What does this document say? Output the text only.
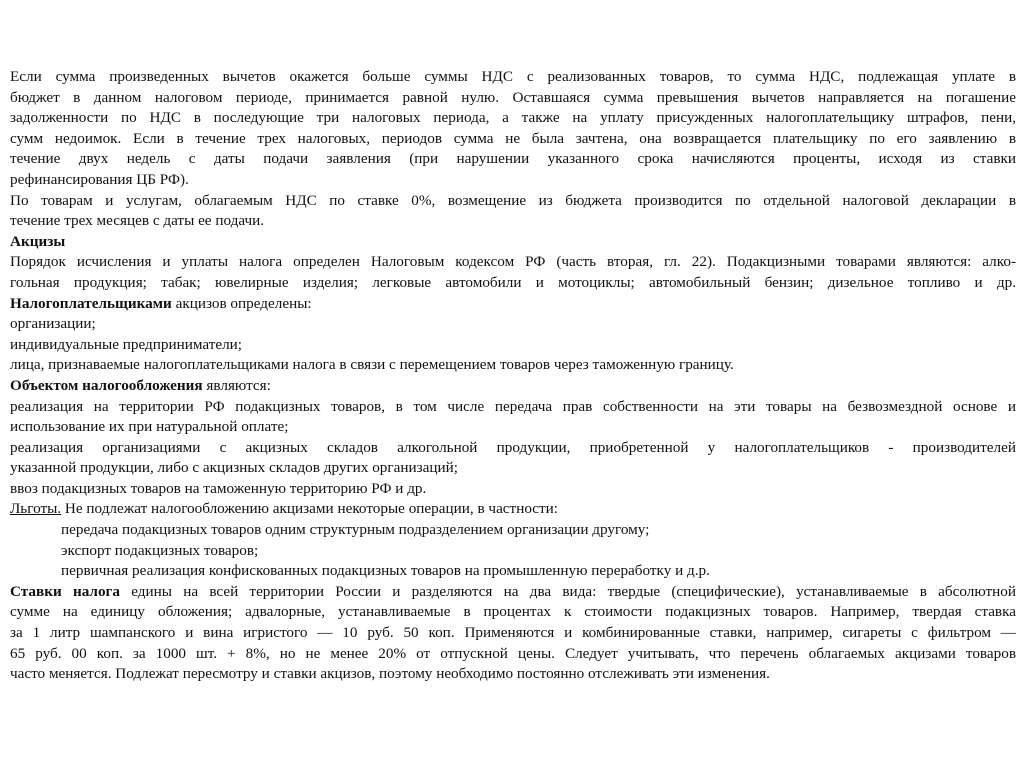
Если сумма произведенных вычетов окажется больше суммы НДС с реализованных товаров, то сумма НДС, подлежащая уплате в
бюджет в данном налоговом периоде, принимается равной нулю. Оставшаяся сумма превышения вычетов направляется на погашение
задолженности по НДС в последующие три налоговых периода, а также на уплату присужденных налогоплательщику штрафов, пени,
сумм недоимок. Если в течение трех налоговых, периодов сумма не была зачтена, она возвращается плательщику по его заявлению в
течение двух недель с даты подачи заявления (при нарушении указанного срока начисляются проценты, исходя из ставки
рефинансирования ЦБ РФ).
По товарам и услугам, облагаемым НДС по ставке 0%, возмещение из бюджета производится по отдельной налоговой декларации в
течение трех месяцев с даты ее подачи.
Акцизы
Порядок исчисления и уплаты налога определен Налоговым кодексом РФ (часть вторая, гл. 22). Подакцизными товарами являются: алко-
гольная продукция; табак; ювелирные изделия; легковые автомобили и мотоциклы; автомобильный бензин; дизельное топливо и др.
Налогоплательщиками акцизов определены:
организации;
индивидуальные предприниматели;
лица, признаваемые налогоплательщиками налога в связи с перемещением товаров через таможенную границу.
Объектом налогообложения являются:
реализация на территории РФ подакцизных товаров, в том числе передача прав собственности на эти товары на безвозмездной основе и
использование их при натуральной оплате;
реализация организациями с акцизных складов алкогольной продукции, приобретенной у налогоплательщиков - производителей
указанной продукции, либо с акцизных складов других организаций;
ввоз подакцизных товаров на таможенную территорию РФ и др.
Льготы. Не подлежат налогообложению акцизами некоторые операции, в частности:
передача подакцизных товаров одним структурным подразделением организации другому;
экспорт подакцизных товаров;
первичная реализация конфискованных подакцизных товаров на промышленную переработку и д.р.
Ставки налога едины на всей территории России и разделяются на два вида: твердые (специфические), устанавливаемые в абсолютной
сумме на единицу обложения; адвалорные, устанавливаемые в процентах к стоимости подакцизных товаров. Например, твердая ставка
за 1 литр шампанского и вина игристого — 10 руб. 50 коп. Применяются и комбинированные ставки, например, сигареты с фильтром —
65 руб. 00 коп. за 1000 шт. + 8%, но не менее 20% от отпускной цены. Следует учитывать, что перечень облагаемых акцизами товаров
часто меняется. Подлежат пересмотру и ставки акцизов, поэтому необходимо постоянно отслеживать эти изменения.
